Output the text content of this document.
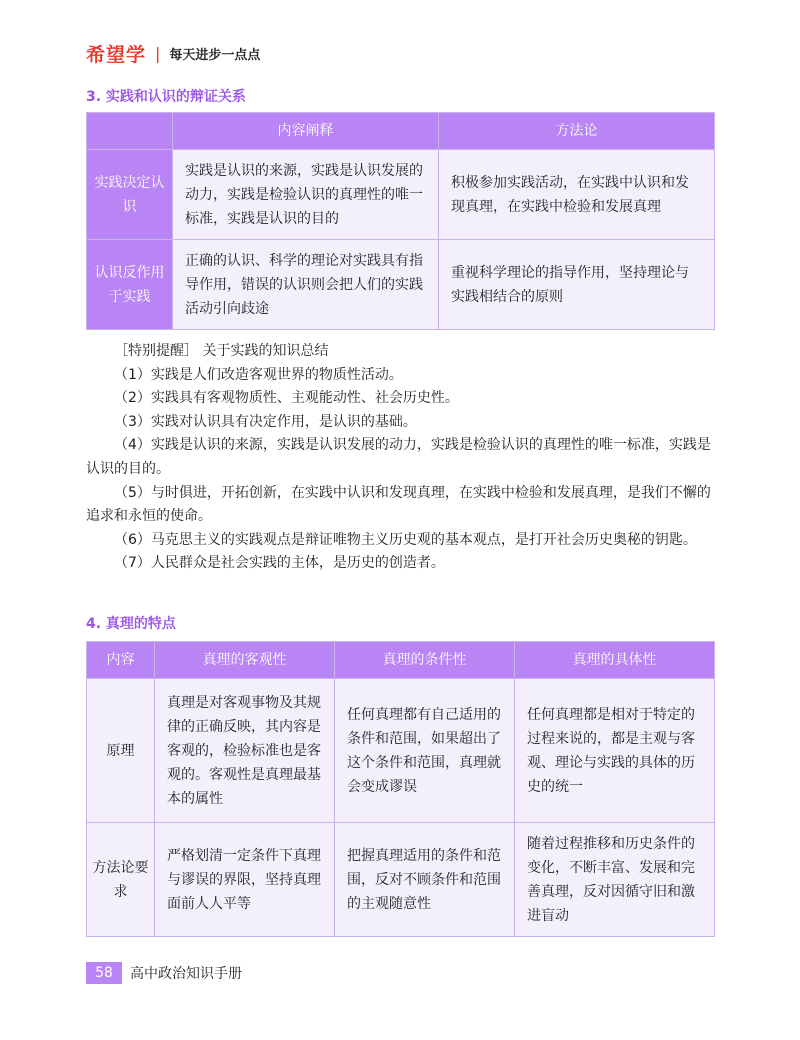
希望学 | 每天进步一点点
3. 实践和认识的辩证关系
	内容阐释	方法论
实践决定认识	实践是认识的来源，实践是认识发展的动力，实践是检验认识的真理性的唯一标准，实践是认识的目的	积极参加实践活动，在实践中认识和发现真理，在实践中检验和发展真理
认识反作用于实践	正确的认识、科学的理论对实践具有指导作用，错误的认识则会把人们的实践活动引向歧途	重视科学理论的指导作用，坚持理论与实践相结合的原则

［特别提醒］ 关于实践的知识总结

（1）实践是人们改造客观世界的物质性活动。

（2）实践具有客观物质性、主观能动性、社会历史性。

（3）实践对认识具有决定作用，是认识的基础。

（4）实践是认识的来源，实践是认识发展的动力，实践是检验认识的真理性的唯一标准，实践是认识的目的。

（5）与时俱进，开拓创新，在实践中认识和发现真理，在实践中检验和发展真理，是我们不懈的追求和永恒的使命。

（6）马克思主义的实践观点是辩证唯物主义历史观的基本观点，是打开社会历史奥秘的钥匙。

（7）人民群众是社会实践的主体，是历史的创造者。

4. 真理的特点
内容	真理的客观性	真理的条件性	真理的具体性
原理	真理是对客观事物及其规律的正确反映，其内容是客观的，检验标准也是客观的。客观性是真理最基本的属性	任何真理都有自己适用的条件和范围，如果超出了这个条件和范围，真理就会变成谬误	任何真理都是相对于特定的过程来说的，都是主观与客观、理论与实践的具体的历史的统一
方法论要求	严格划清一定条件下真理与谬误的界限，坚持真理面前人人平等	把握真理适用的条件和范围，反对不顾条件和范围的主观随意性	随着过程推移和历史条件的变化，不断丰富、发展和完善真理，反对因循守旧和激进盲动
58	高中政治知识手册
